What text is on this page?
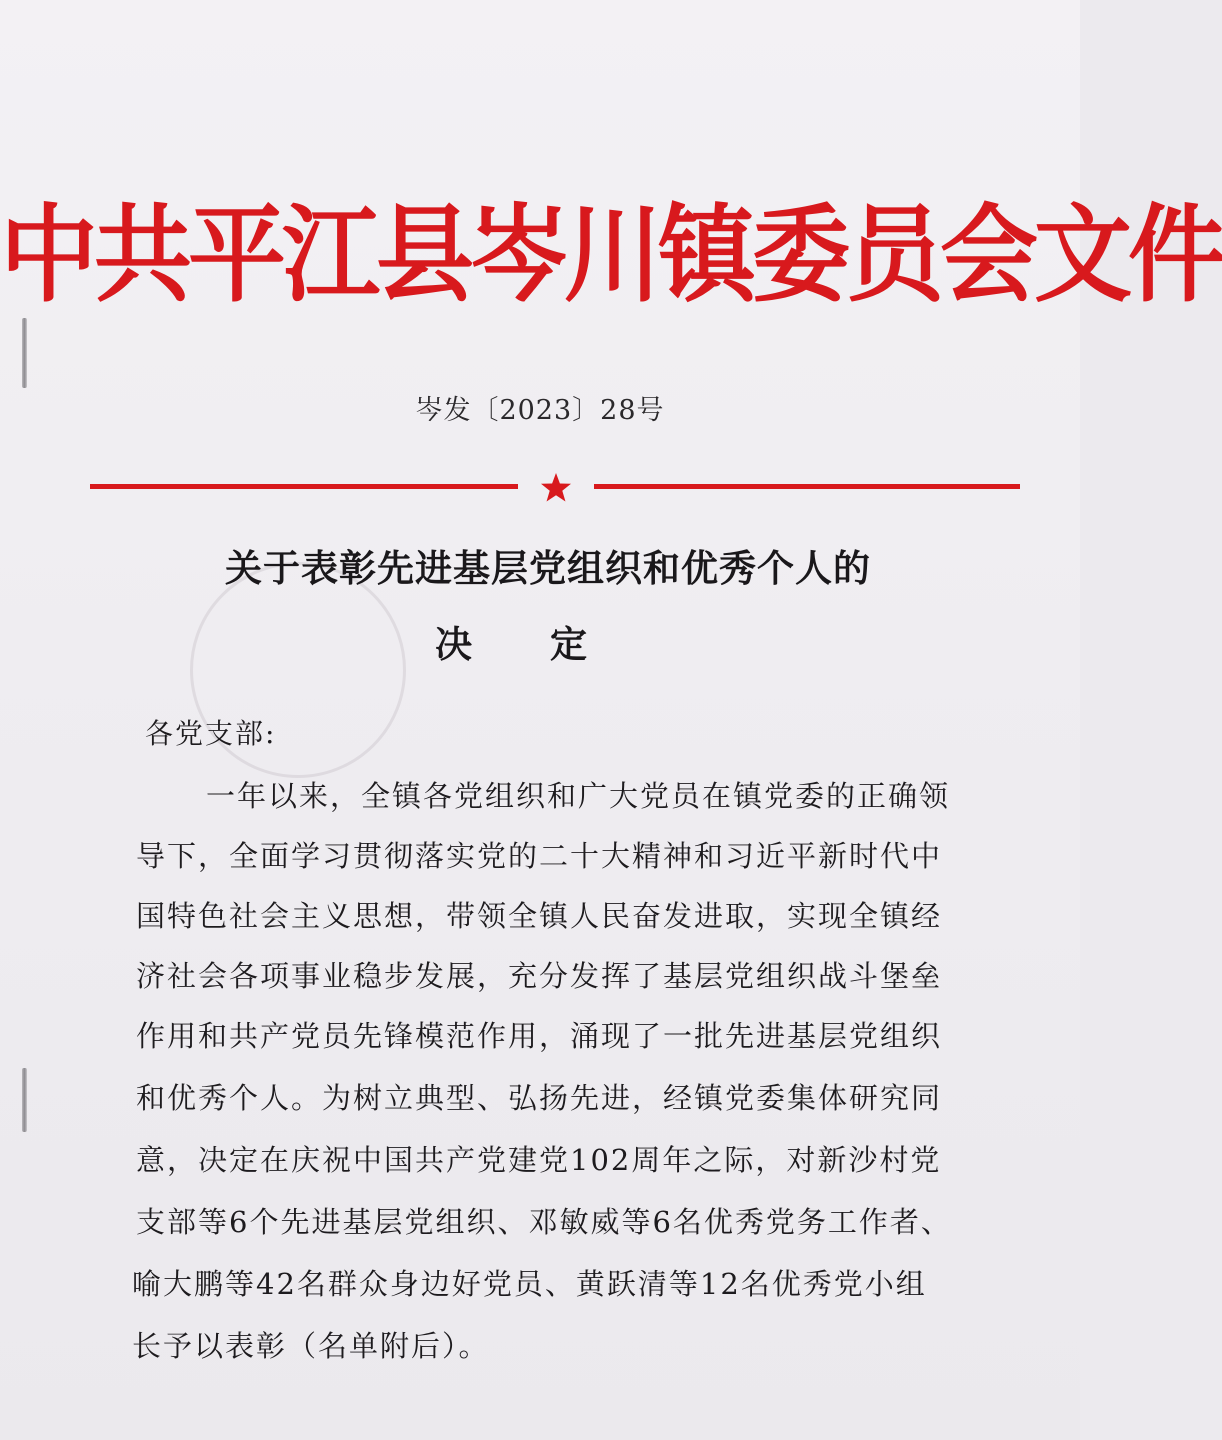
中共平江县岑川镇委员会文件
岑发〔2023〕28号
关于表彰先进基层党组织和优秀个人的
决定
各党支部:
一年以来，全镇各党组织和广大党员在镇党委的正确领
导下，全面学习贯彻落实党的二十大精神和习近平新时代中
国特色社会主义思想，带领全镇人民奋发进取，实现全镇经
济社会各项事业稳步发展，充分发挥了基层党组织战斗堡垒
作用和共产党员先锋模范作用，涌现了一批先进基层党组织
和优秀个人。为树立典型、弘扬先进，经镇党委集体研究同
意，决定在庆祝中国共产党建党102周年之际，对新沙村党
支部等6个先进基层党组织、邓敏威等6名优秀党务工作者、
喻大鹏等42名群众身边好党员、黄跃清等12名优秀党小组
长予以表彰（名单附后）。
